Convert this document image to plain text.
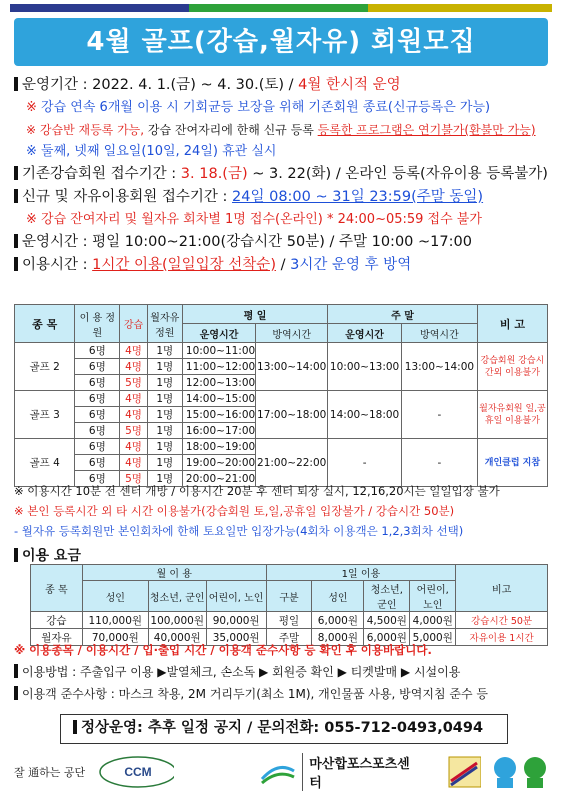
4월 골프(강습,월자유) 회원모집
운영기간 : 2022. 4. 1.(금) ~ 4. 30.(토) / 4월 한시적 운영
※ 강습 연속 6개월 이용 시 기회균등 보장을 위해 기존회원 종료(신규등록은 가능)
※ 강습반 재등록 가능, 강습 잔여자리에 한해 신규 등록 등록한 프로그램은 연기불가(환불만 가능)
※ 둘째, 넷째 일요일(10일, 24일) 휴관 실시
기존강습회원 접수기간 : 3. 18.(금) ~ 3. 22(화) / 온라인 등록(자유이용 등록불가)
신규 및 자유이용회원 접수기간 : 24일 08:00 ~ 31일 23:59(주말 동일)
※ 강습 잔여자리 및 월자유 회차별 1명 접수(온라인) * 24:00~05:59 접수 불가
운영시간 : 평일 10:00~21:00(강습시간 50분) / 주말 10:00 ~17:00
이용시간 : 1시간 이용(일일입장 선착순) / 3시간 운영 후 방역
종 목	이 용 정 원	강습	월자유 정원	평 일		주 말		비 고
				운영시간	방역시간	운영시간	방역시간	
골프 2	6명	4명	1명	10:00~11:00	13:00~14:00	10:00~13:00	13:00~14:00	강습회원 강습시간외 이용불가
	6명	4명	1명	11:00~12:00				
	6명	5명	1명	12:00~13:00				
골프 3	6명	4명	1명	14:00~15:00	17:00~18:00	14:00~18:00	-	월자유회원 일,공휴일 이용불가
	6명	4명	1명	15:00~16:00				
	6명	5명	1명	16:00~17:00				
골프 4	6명	4명	1명	18:00~19:00	21:00~22:00	-	-	개인클럽 지참
	6명	4명	1명	19:00~20:00				
	6명	5명	1명	20:00~21:00				
※ 이용시간 10분 전 센터 개방 / 이용시간 20분 후 센터 퇴장 실시, 12,16,20시는 일일입장 불가
※ 본인 등록시간 외 타 시간 이용불가(강습회원 토,일,공휴일 입장불가 / 강습시간 50분)
- 월자유 등록회원만 본인회차에 한해 토요일만 입장가능(4회차 이용객은 1,2,3회차 선택)
이용 요금
종 목	월 이 용			1일 이용				비고
	성인	청소년, 군인	어린이, 노인	구분	성인	청소년, 군인	어린이, 노인	
강습	110,000원	100,000원	90,000원	평일	6,000원	4,500원	4,000원	강습시간 50분
월자유	70,000원	40,000원	35,000원	주말	8,000원	6,000원	5,000원	자유이용 1시간
※ 이용종목 / 이용시간 / 입·출입 시간 / 이용객 준수사항 등 확인 후 이용바랍니다.
이용방법 : 주출입구 이용 ▶발열체크, 손소독 ▶ 회원증 확인 ▶ 티켓발매 ▶ 시설이용
이용객 준수사항 : 마스크 착용, 2M 거리두기(최소 1M), 개인물품 사용, 방역지침 준수 등
정상운영: 추후 일정 공지 / 문의전화: 055-712-0493,0494
잘 通하는 공단	CCM	마산합포스포츠센터
